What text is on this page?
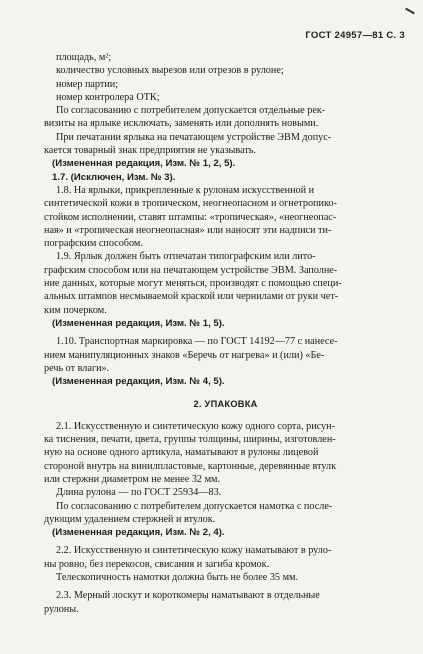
ГОСТ 24957—81 С. 3
площадь, м²;
количество условных вырезов или отрезов в рулоне;
номер партии;
номер контролера ОТК;
По согласованию с потребителем допускается отдельные рек-
визиты на ярлыке исключать, заменять или дополнять новыми.
При печатании ярлыка на печатающем устройстве ЭВМ допус-
кается товарный знак предприятия не указывать.
(Измененная редакция, Изм. № 1, 2, 5).
1.7. (Исключен, Изм. № 3).
1.8. На ярлыки, прикрепленные к рулонам искусственной и
синтетической кожи в тропическом, неогнеопасном и огнетропико-
стойком исполнении, ставят штампы: «тропическая», «неогнеопас-
ная» и «тропическая неогнеопасная» или наносят эти надписи ти-
пографским способом.
1.9. Ярлык должен быть отпечатан типографским или лито-
графским способом или на печатающем устройстве ЭВМ. Заполне-
ние данных, которые могут меняться, производят с помощью специ-
альных штампов несмываемой краской или чернилами от руки чет-
ким почерком.
(Измененная редакция, Изм. № 1, 5).
1.10. Транспортная маркировка — по ГОСТ 14192—77 с нанесе-
нием манипуляционных знаков «Беречь от нагрева» и (или) «Бе-
речь от влаги».
(Измененная редакция, Изм. № 4, 5).
2. УПАКОВКА
2.1. Искусственную и синтетическую кожу одного сорта, рисун-
ка тиснения, печати, цвета, группы толщины, ширины, изготовлен-
ную на основе одного артикула, наматывают в рулоны лицевой
стороной внутрь на винилпластовые, картонные, деревянные втулк
или стержни диаметром не менее 32 мм.
Длина рулона — по ГОСТ 25934—83.
По согласованию с потребителем допускается намотка с после-
дующим удалением стержней и втулок.
(Измененная редакция, Изм. № 2, 4).
2.2. Искусственную и синтетическую кожу наматывают в руло-
ны ровно, без перекосов, свисания и загиба кромок.
Телескопичность намотки должна быть не более 35 мм.
2.3. Мерный лоскут и короткомеры наматывают в отдельные
рулоны.
